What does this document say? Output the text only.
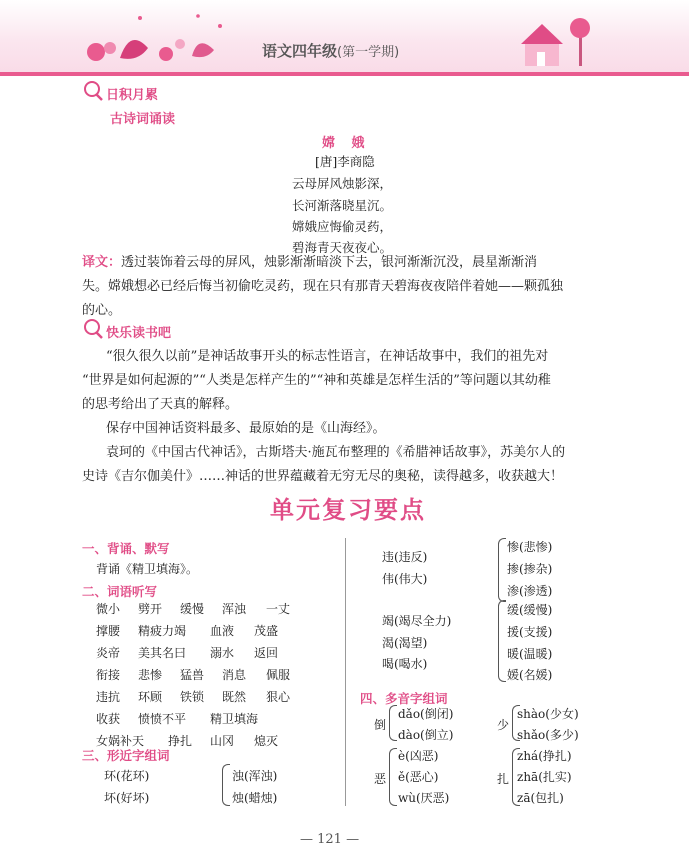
语文四年级(第一学期)
日积月累
古诗词诵读
嫦 娥
[唐]李商隐
云母屏风烛影深，
长河渐落晓星沉。
嫦娥应悔偷灵药，
碧海青天夜夜心。
译文：透过装饰着云母的屏风，烛影渐渐暗淡下去，银河渐渐沉没，晨星渐渐消
失。嫦娥想必已经后悔当初偷吃灵药，现在只有那青天碧海夜夜陪伴着她——颗孤独
的心。
快乐读书吧
“很久很久以前”是神话故事开头的标志性语言，在神话故事中，我们的祖先对
“世界是如何起源的”“人类是怎样产生的”“神和英雄是怎样生活的”等问题以其幼稚
的思考给出了天真的解释。
保存中国神话资料最多、最原始的是《山海经》。
袁珂的《中国古代神话》，古斯塔夫·施瓦布整理的《希腊神话故事》，苏美尔人的
史诗《吉尔伽美什》……神话的世界蕴藏着无穷无尽的奥秘，读得越多，收获越大！
单元复习要点
一、背诵、默写
背诵《精卫填海》。
二、词语听写
微小 劈开 缓慢 浑浊 一丈
撑腰 精疲力竭 血液 茂盛
炎帝 美其名曰 溺水 返回
衔接 悲惨 猛兽 消息 佩服
违抗 环顾 铁锁 既然 狠心
收获 愤愤不平 精卫填海
女娲补天 挣扎 山冈 熄灭
三、形近字组词
环(花环)
坏(好坏)
浊(浑浊)
烛(蜡烛)
违(违反)
伟(伟大)
惨(悲惨)
掺(掺杂)
渗(渗透)
竭(竭尽全力)
渴(渴望)
喝(喝水)
缓(缓慢)
援(支援)
暖(温暖)
媛(名媛)
四、多音字组词
倒
dǎo(倒闭)
dào(倒立)
少
shào(少女)
shǎo(多少)
恶
è(凶恶)
ě(恶心)
wù(厌恶)
扎
zhá(挣扎)
zhā(扎实)
zā(包扎)
— 121 —
